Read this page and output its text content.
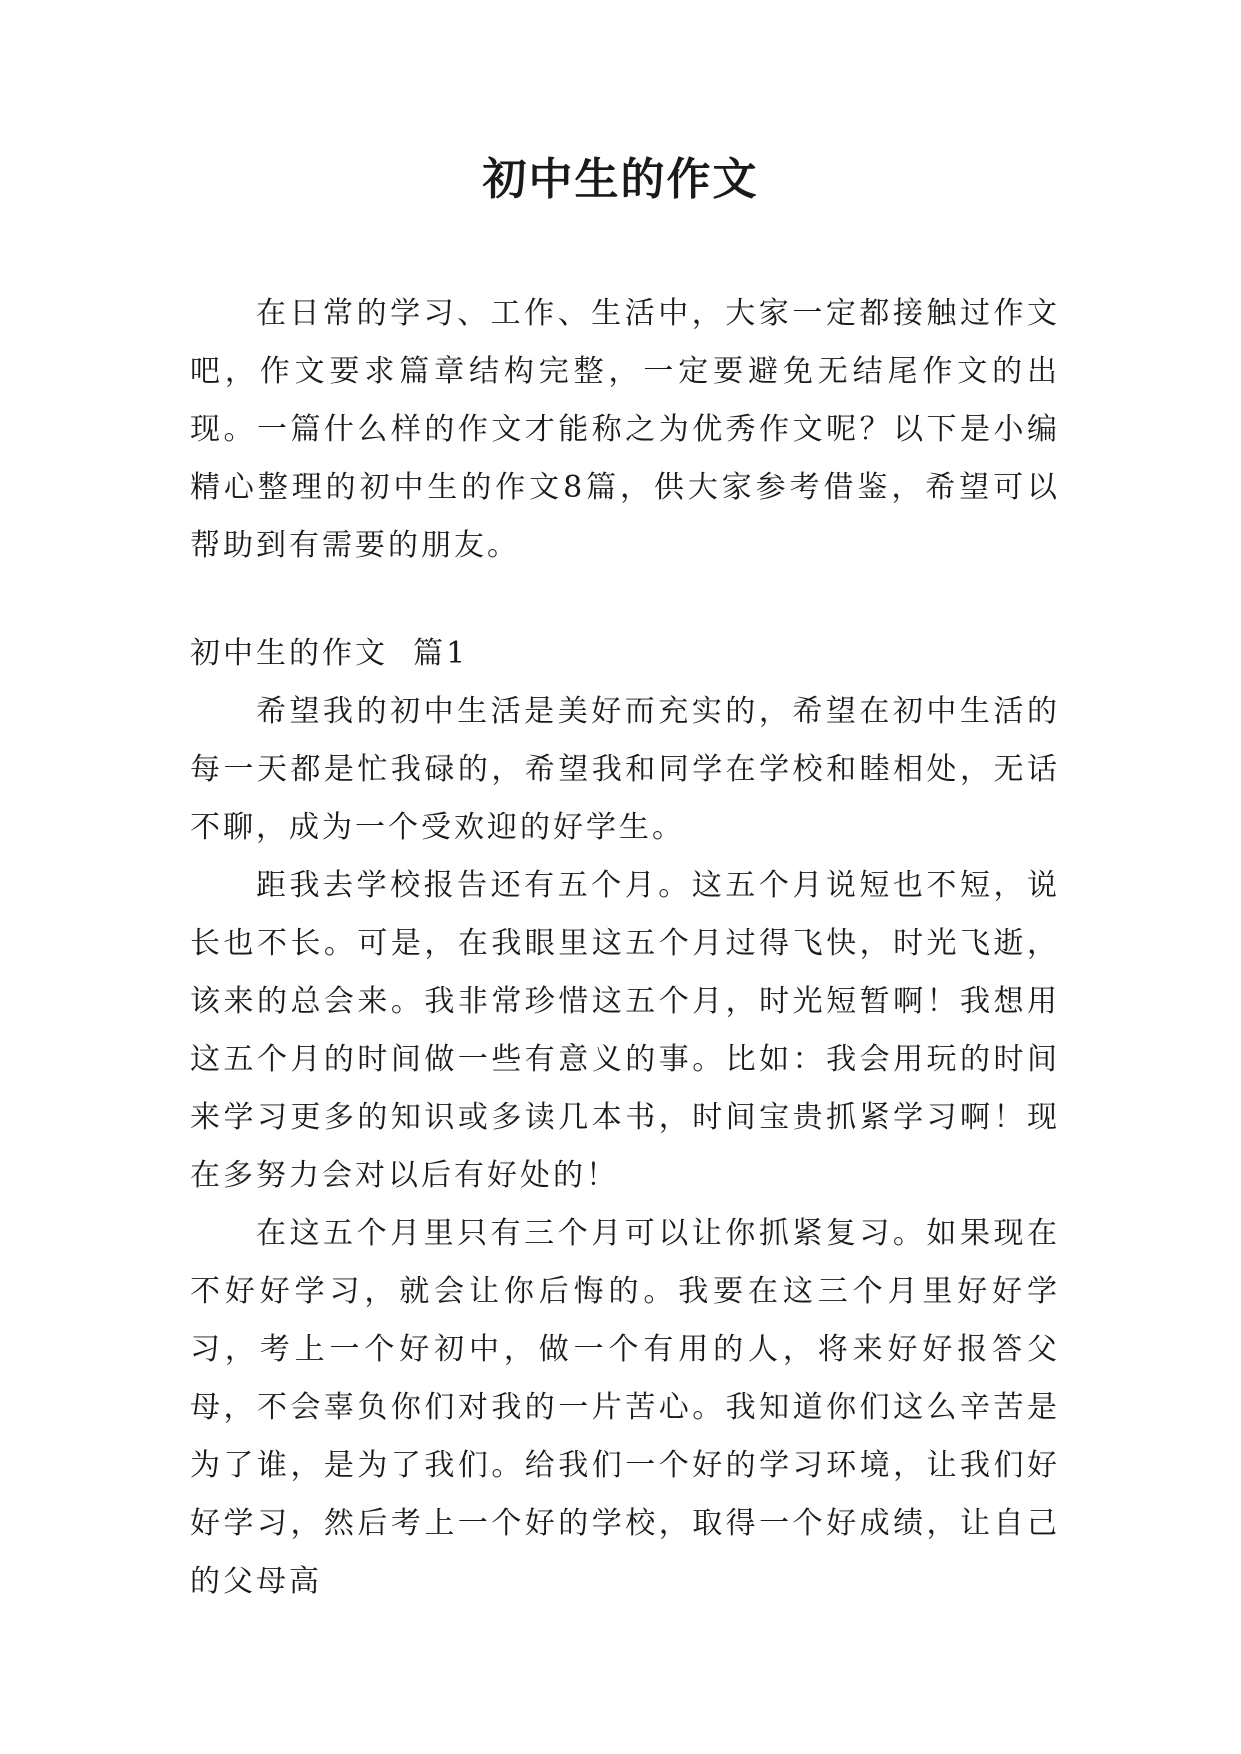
初中生的作文

在日常的学习、工作、生活中，大家一定都接触过作文吧，作文要求篇章结构完整，一定要避免无结尾作文的出现。一篇什么样的作文才能称之为优秀作文呢？以下是小编精心整理的初中生的作文8篇，供大家参考借鉴，希望可以帮助到有需要的朋友。

初中生的作文  篇1

希望我的初中生活是美好而充实的，希望在初中生活的每一天都是忙我碌的，希望我和同学在学校和睦相处，无话不聊，成为一个受欢迎的好学生。

距我去学校报告还有五个月。这五个月说短也不短，说长也不长。可是，在我眼里这五个月过得飞快，时光飞逝，该来的总会来。我非常珍惜这五个月，时光短暂啊！我想用这五个月的时间做一些有意义的事。比如：我会用玩的时间来学习更多的知识或多读几本书，时间宝贵抓紧学习啊！现在多努力会对以后有好处的！

在这五个月里只有三个月可以让你抓紧复习。如果现在不好好学习，就会让你后悔的。我要在这三个月里好好学习，考上一个好初中，做一个有用的人，将来好好报答父母，不会辜负你们对我的一片苦心。我知道你们这么辛苦是为了谁，是为了我们。给我们一个好的学习环境，让我们好好学习，然后考上一个好的学校，取得一个好成绩，让自己的父母高
